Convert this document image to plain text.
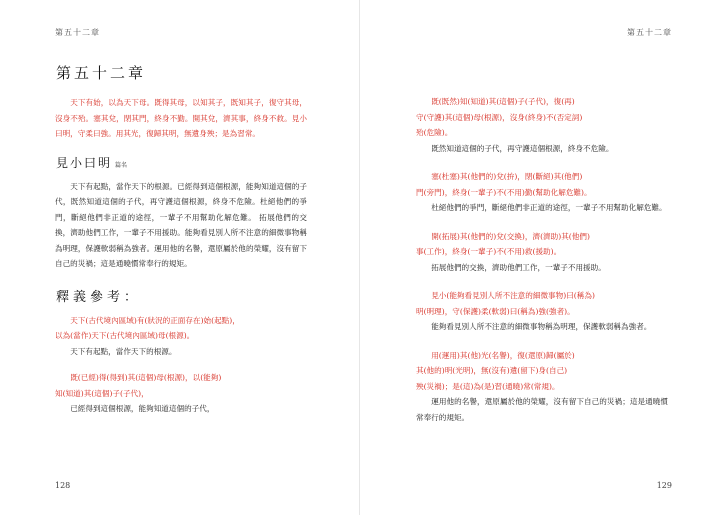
第五十二章
第五十二章

天下有始，以為天下母。既得其母，以知其子，既知其子，復守其母，沒身不殆。塞其兌，閉其門，終身不勤。開其兌，濟其事，終身不救。見小曰明，守柔曰強。用其光，復歸其明，無遺身殃；是為習常。

見小曰明 篇名

天下有起點，當作天下的根源。已經得到這個根源，能夠知道這個的子代，既然知道這個的子代，再守護這個根源，終身不危險。杜絕他們的爭門，斷絕他們非正道的途徑，一輩子不用幫助化解危難。 拓展他們的交換，濟助他們工作，一輩子不用援助。能夠看見別人所不注意的細微事物稱為明理，保護軟弱稱為強者。運用他的名譽，還原屬於他的榮耀，沒有留下自己的災禍；這是通曉慣常奉行的規矩。

釋義參考：

天下(古代境內區域)有(狀況的正面存在)始(起點)，

以為(當作)天下(古代境內區域)母(根源)。

天下有起點，當作天下的根源。

既(已經)得(得到)其(這個)母(根源)，以(能夠)

知(知道)其(這個)子(子代)，

已經得到這個根源，能夠知道這個的子代，

128
第五十二章

既(既然)知(知道)其(這個)子(子代)，復(再)

守(守護)其(這個)母(根源)，沒身(終身)不(否定詞)

殆(危險)。

既然知道這個的子代，再守護這個根源，終身不危險。

塞(杜塞)其(他們的)兌(拚)，閉(斷絕)其(他們)

門(旁門)，終身(一輩子)不(不用)勤(幫助化解危難)。

杜絕他們的爭門，斷絕他們非正道的途徑，一輩子不用幫助化解危難。

開(拓展)其(他們的)兌(交換)，濟(濟助)其(他們)

事(工作)，終身(一輩子)不(不用)救(援助)。

拓展他們的交換，濟助他們工作，一輩子不用援助。

見小(能夠看見別人所不注意的細微事物)曰(稱為)

明(明理)，守(保護)柔(軟弱)曰(稱為)強(強者)。

能夠看見別人所不注意的細微事物稱為明理，保護軟弱稱為強者。

用(運用)其(他)光(名譽)，復(還原)歸(屬於)

其(他的)明(光明)，無(沒有)遺(留下)身(自己)

殃(災禍)；是(這)為(是)習(通曉)常(常規)。

運用他的名譽，還原屬於他的榮耀，沒有留下自己的災禍；這是通曉慣常奉行的規矩。

129
